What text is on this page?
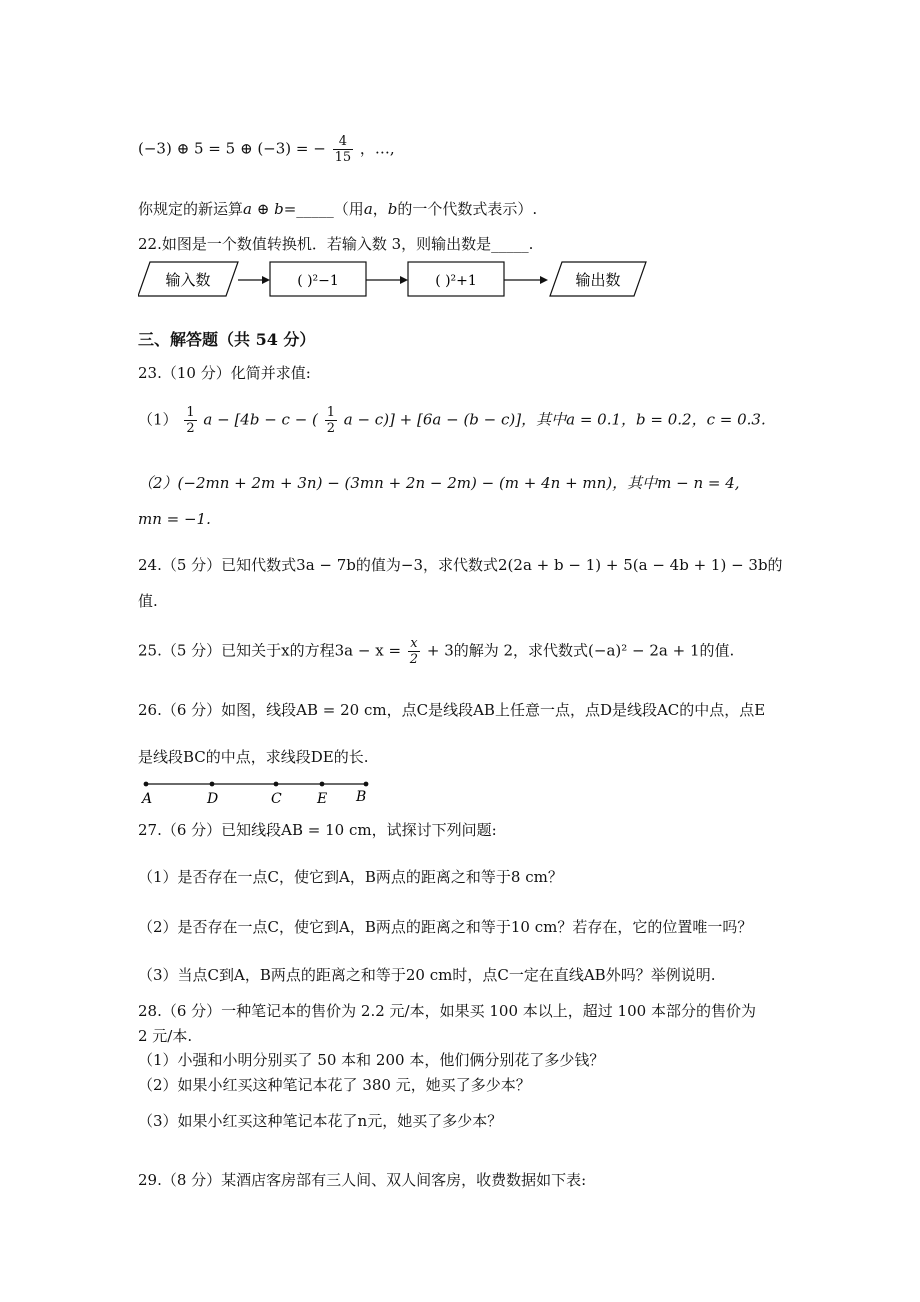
(−3) ⊕ 5 = 5 ⊕ (−3) = − $\frac{4}{15}$ ，…,
你规定的新运算a ⊕ b=_____（用a，b的一个代数式表示）.
22.如图是一个数值转换机．若输入数 3，则输出数是_____.
输入数	( )²−1	( )²+1	输出数
三、解答题（共 54 分）
23.（10 分）化简并求值:
$(1) \frac{1}{2}$ a − [4b − c − ( $\frac{1}{2}$ a − c)] + [6a − (b − c)]，其中a = 0.1，b = 0.2，c = 0.3.
（2）(−2mn + 2m + 3n) − (3mn + 2n − 2m) − (m + 4n + mn)，其中m − n = 4,
mn = −1.
24.（5 分）已知代数式3a − 7b的值为−3，求代数式2(2a + b − 1) + 5(a − 4b + 1) − 3b的
值.
25.（5 分）已知关于x的方程$3a - x = \frac{x}{2} + 3$的解为 2，求代数式(−a)² − 2a + 1的值.
26.（6 分）如图，线段AB = 20 cm，点C是线段AB上任意一点，点D是线段AC的中点，点E
是线段BC的中点，求线段DE的长.
A	D	C	E B
27.（6 分）已知线段AB = 10 cm，试探讨下列问题:
（1）是否存在一点C，使它到A，B两点的距离之和等于8 cm？
（2）是否存在一点C，使它到A，B两点的距离之和等于10 cm？若存在，它的位置唯一吗？
（3）当点C到A，B两点的距离之和等于20 cm时，点C一定在直线AB外吗？举例说明.
28.（6 分）一种笔记本的售价为 2.2 元/本，如果买 100 本以上，超过 100 本部分的售价为
2 元/本.
（1）小强和小明分别买了 50 本和 200 本，他们俩分别花了多少钱？
（2）如果小红买这种笔记本花了 380 元，她买了多少本？
（3）如果小红买这种笔记本花了n元，她买了多少本？
29.（8 分）某酒店客房部有三人间、双人间客房，收费数据如下表:
